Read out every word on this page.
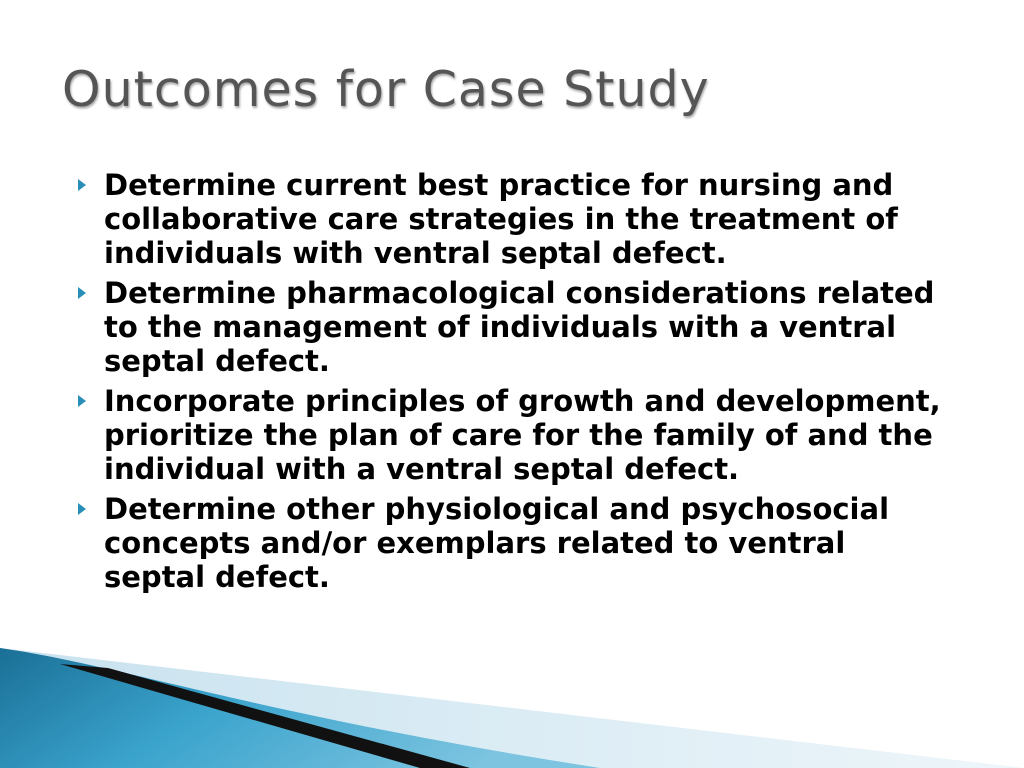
Outcomes for Case Study
Determine current best practice for nursing and collaborative care strategies in the treatment of individuals with ventral septal defect.
Determine pharmacological considerations related to the management of individuals with a ventral septal defect.
Incorporate principles of growth and development, prioritize the plan of care for the family of and the individual with a ventral septal defect.
Determine other physiological and psychosocial concepts and/or exemplars related to ventral septal defect.
